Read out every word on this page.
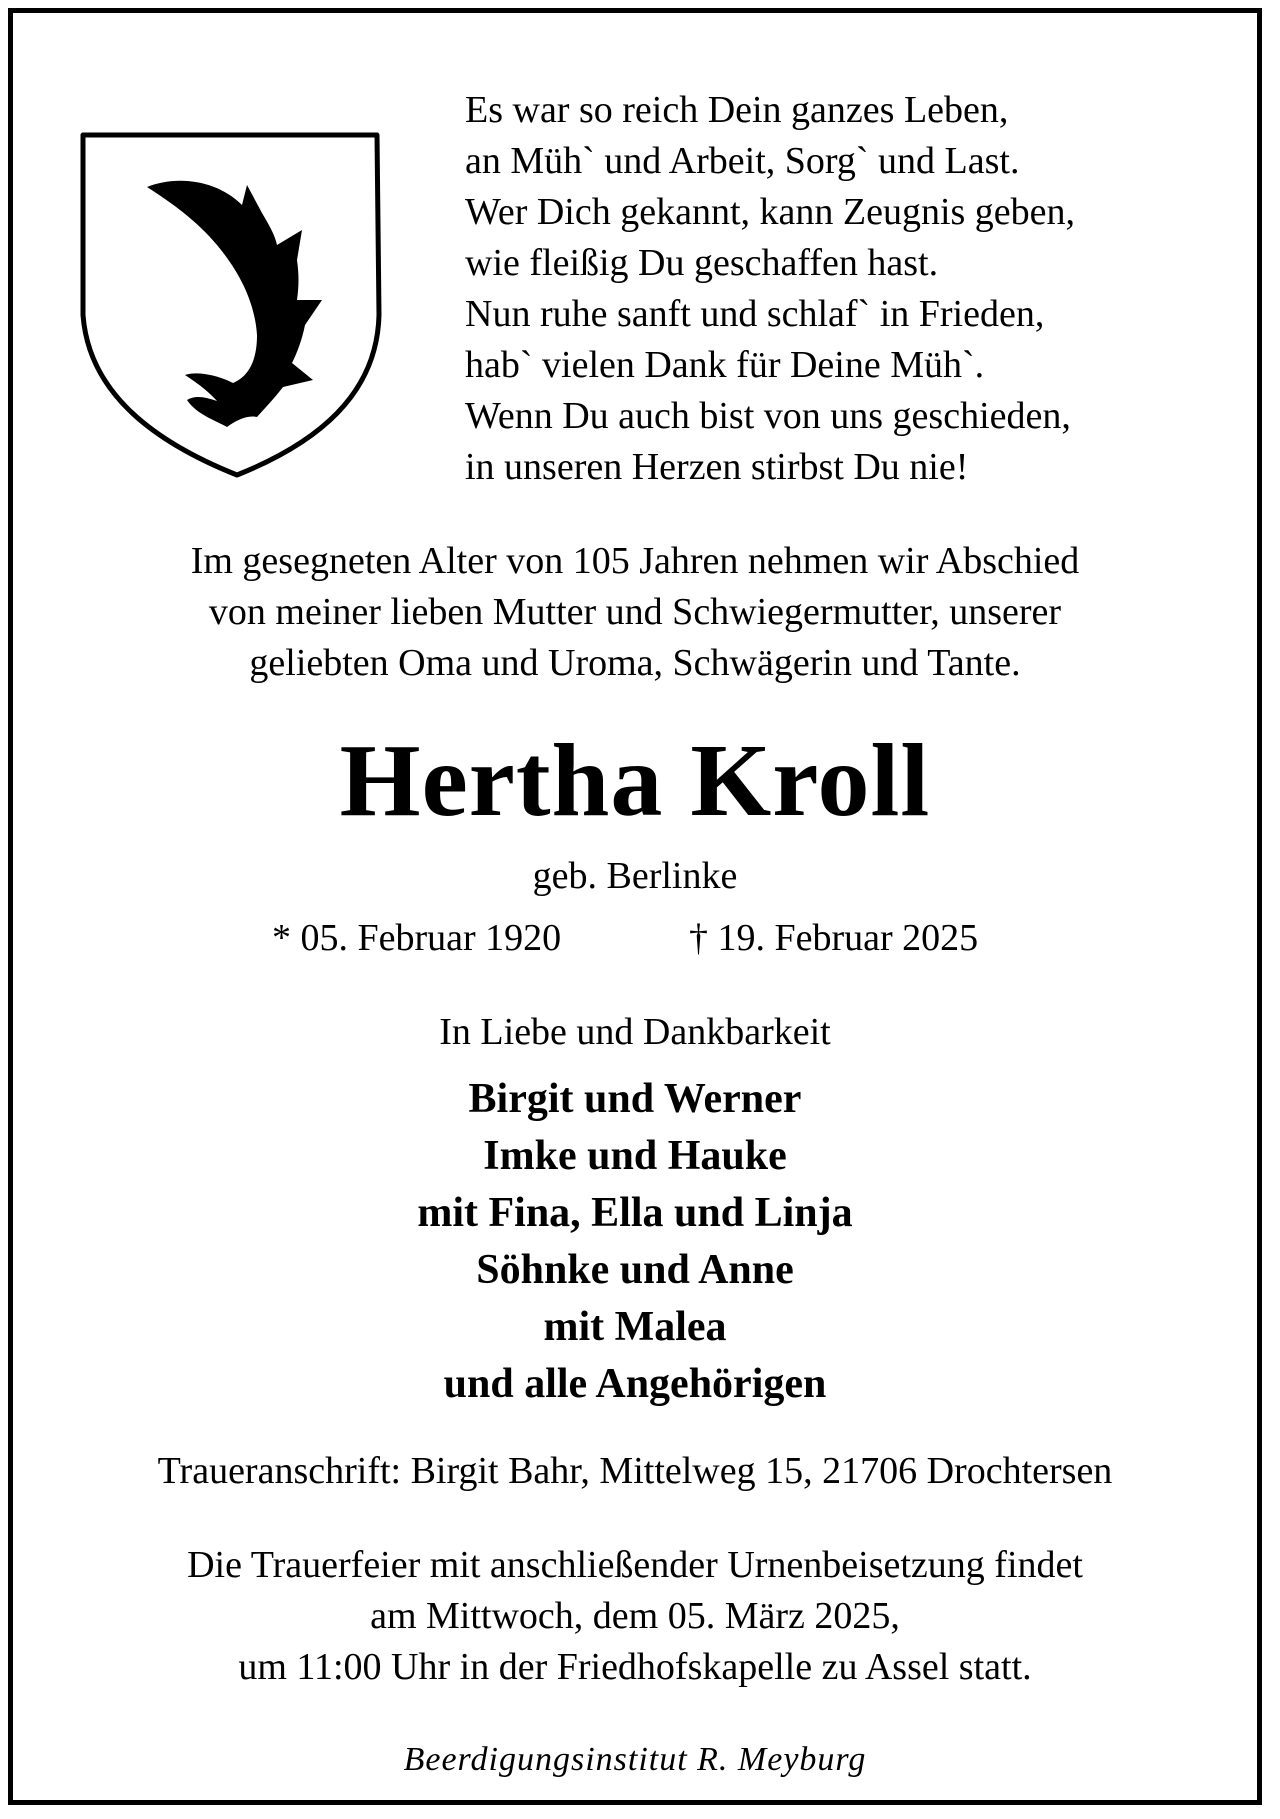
Es war so reich Dein ganzes Leben,
an Müh` und Arbeit, Sorg` und Last.
Wer Dich gekannt, kann Zeugnis geben,
wie fleißig Du geschaffen hast.
Nun ruhe sanft und schlaf` in Frieden,
hab` vielen Dank für Deine Müh`.
Wenn Du auch bist von uns geschieden,
in unseren Herzen stirbst Du nie!
Im gesegneten Alter von 105 Jahren nehmen wir Abschied
von meiner lieben Mutter und Schwiegermutter, unserer
geliebten Oma und Uroma, Schwägerin und Tante.
Hertha Kroll
geb. Berlinke
* 05. Februar 1920	† 19. Februar 2025
In Liebe und Dankbarkeit
Birgit und Werner
Imke und Hauke
mit Fina, Ella und Linja
Söhnke und Anne
mit Malea
und alle Angehörigen
Traueranschrift: Birgit Bahr, Mittelweg 15, 21706 Drochtersen
Die Trauerfeier mit anschließender Urnenbeisetzung findet
am Mittwoch, dem 05. März 2025,
um 11:00 Uhr in der Friedhofskapelle zu Assel statt.
Beerdigungsinstitut R. Meyburg
